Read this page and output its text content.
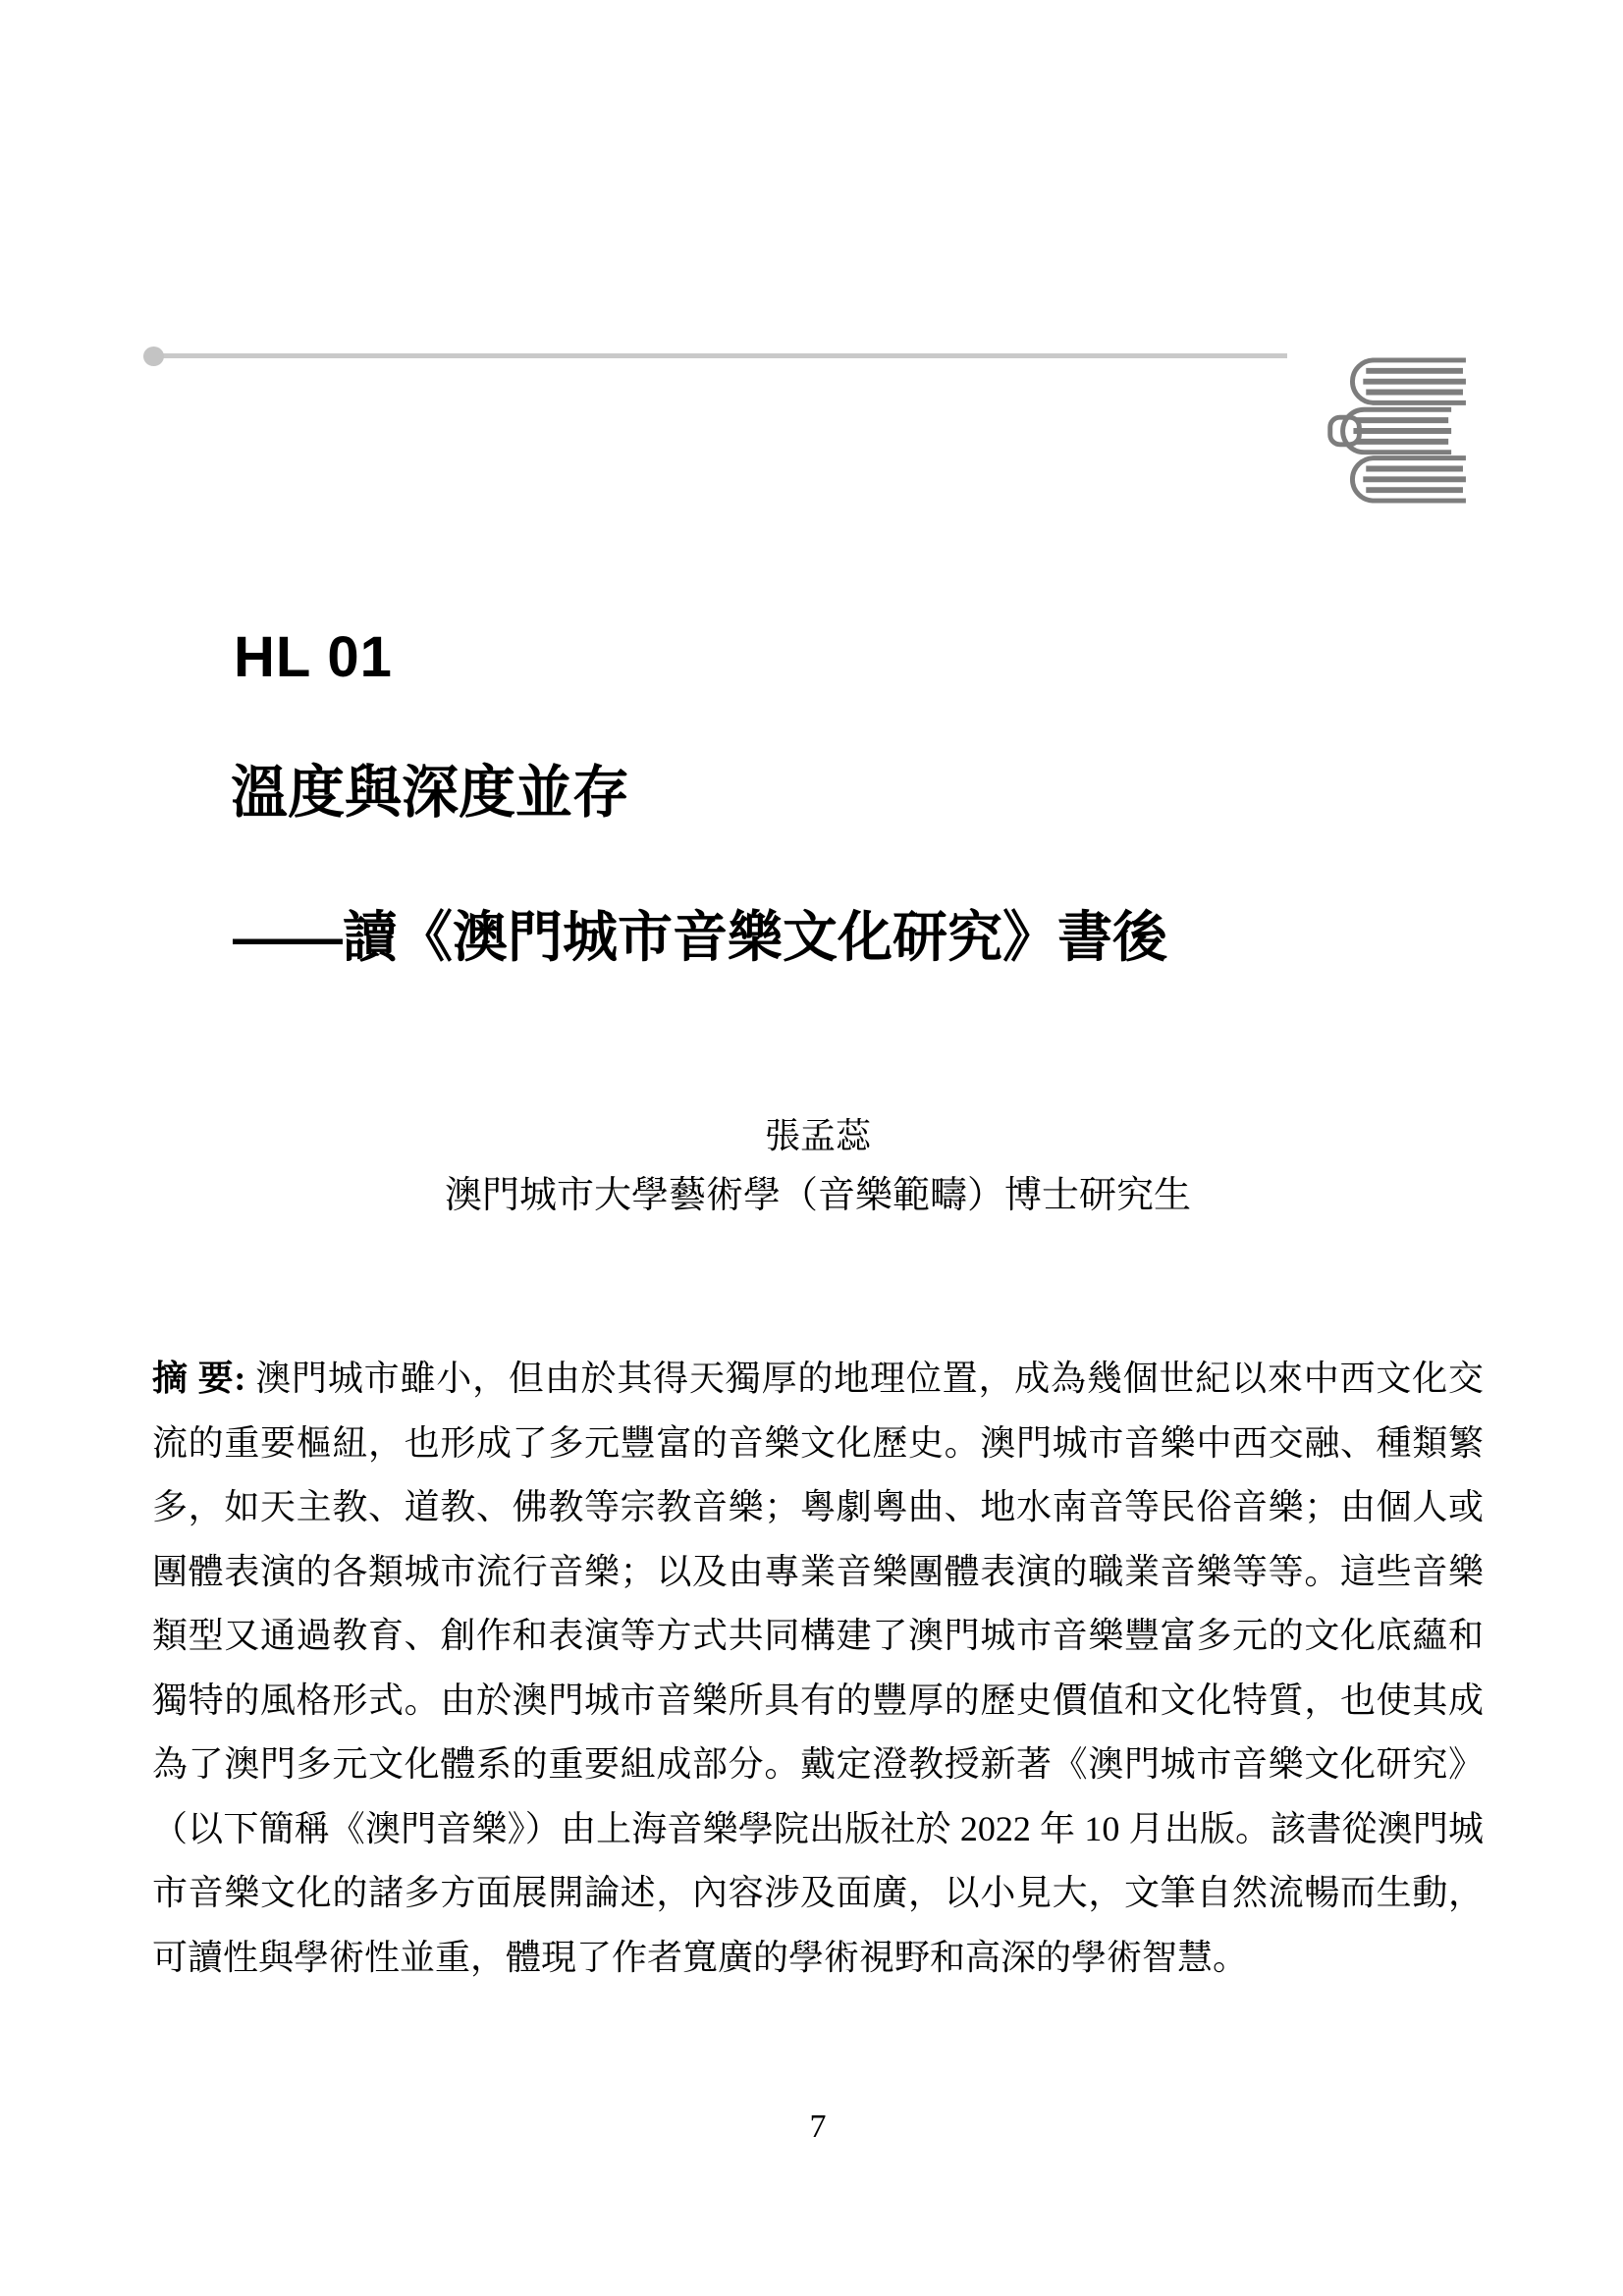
HL 01
溫度與深度並存
——讀《澳門城市音樂文化研究》書後
張孟蕊
澳門城市大學藝術學（音樂範疇）博士研究生

摘 要: 澳門城市雖小，但由於其得天獨厚的地理位置，成為幾個世紀以來中西文化交流的重要樞紐，也形成了多元豐富的音樂文化歷史。澳門城市音樂中西交融、種類繁多，如天主教、道教、佛教等宗教音樂；粵劇粵曲、地水南音等民俗音樂；由個人或團體表演的各類城市流行音樂；以及由專業音樂團體表演的職業音樂等等。這些音樂類型又通過教育、創作和表演等方式共同構建了澳門城市音樂豐富多元的文化底蘊和獨特的風格形式。由於澳門城市音樂所具有的豐厚的歷史價值和文化特質，也使其成為了澳門多元文化體系的重要組成部分。戴定澄教授新著《澳門城市音樂文化研究》（以下簡稱《澳門音樂》）由上海音樂學院出版社於 2022 年 10 月出版。該書從澳門城市音樂文化的諸多方面展開論述，內容涉及面廣，以小見大，文筆自然流暢而生動，可讀性與學術性並重，體現了作者寬廣的學術視野和高深的學術智慧。

7
